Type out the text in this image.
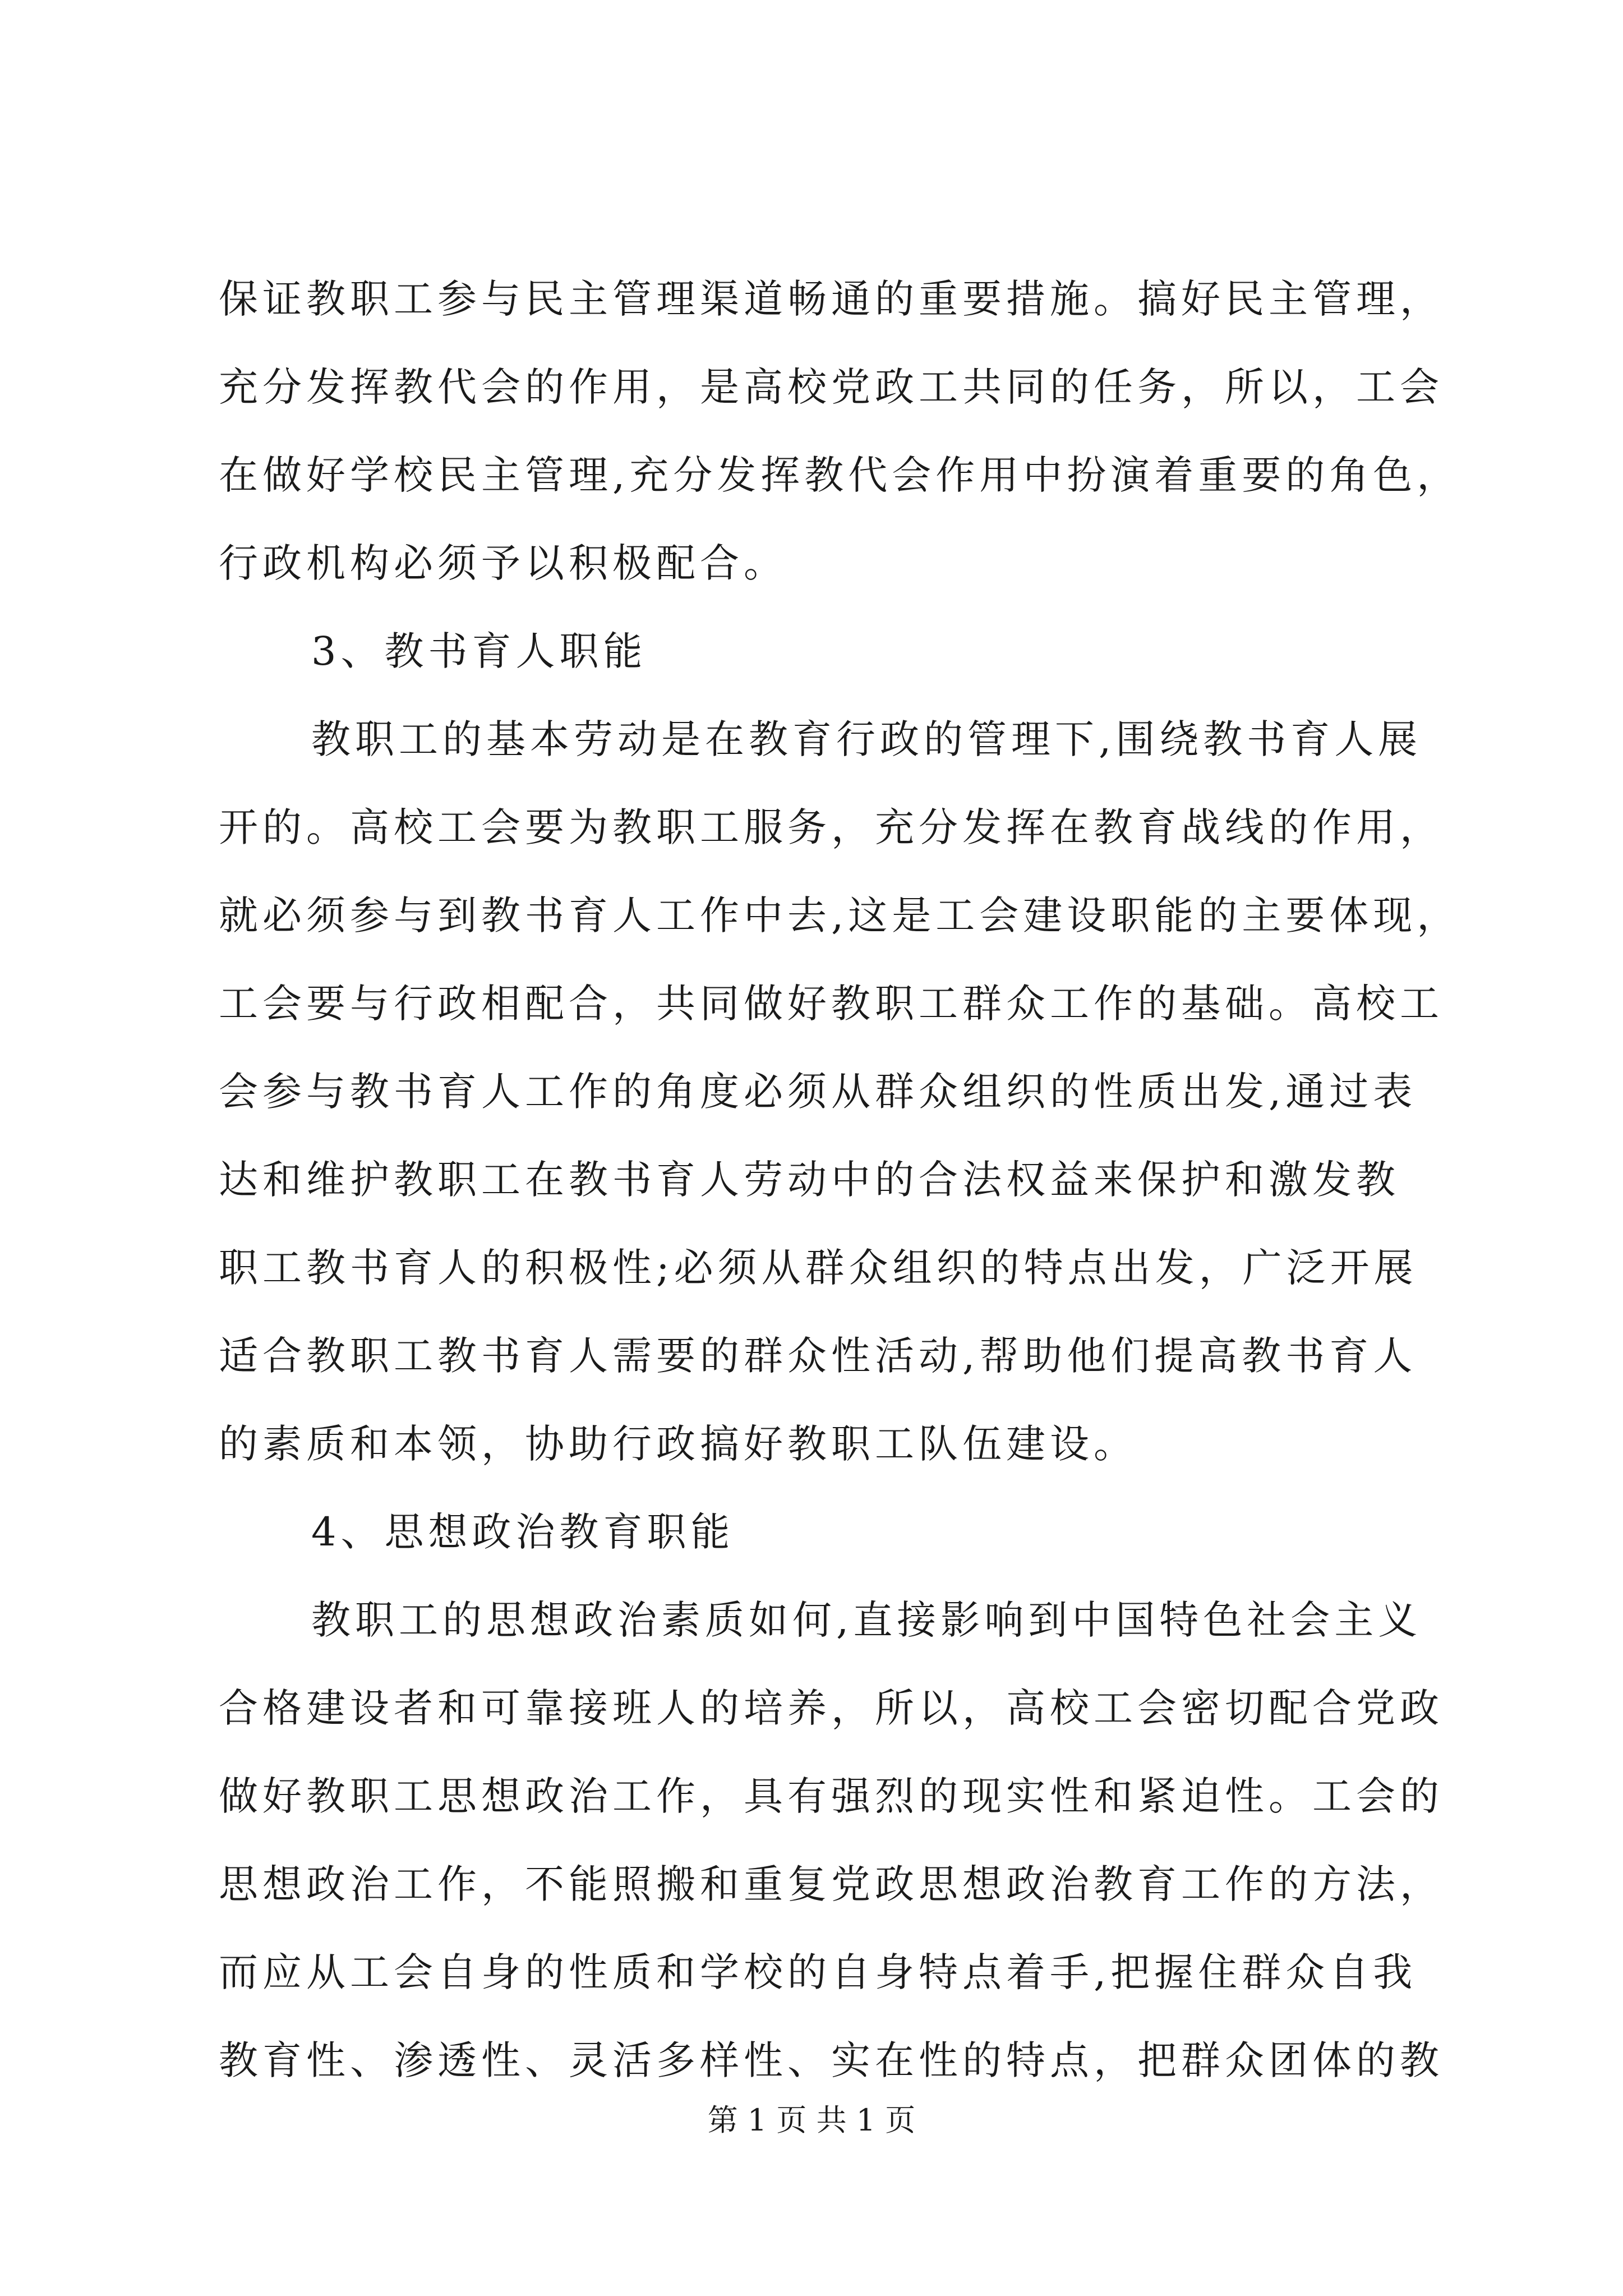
保证教职工参与民主管理渠道畅通的重要措施。搞好民主管理，
充分发挥教代会的作用，是高校党政工共同的任务，所以，工会
在做好学校民主管理,充分发挥教代会作用中扮演着重要的角色，
行政机构必须予以积极配合。
3、教书育人职能
教职工的基本劳动是在教育行政的管理下,围绕教书育人展
开的。高校工会要为教职工服务，充分发挥在教育战线的作用，
就必须参与到教书育人工作中去,这是工会建设职能的主要体现，
工会要与行政相配合，共同做好教职工群众工作的基础。高校工
会参与教书育人工作的角度必须从群众组织的性质出发,通过表
达和维护教职工在教书育人劳动中的合法权益来保护和激发教
职工教书育人的积极性;必须从群众组织的特点出发，广泛开展
适合教职工教书育人需要的群众性活动,帮助他们提高教书育人
的素质和本领，协助行政搞好教职工队伍建设。
4、思想政治教育职能
教职工的思想政治素质如何,直接影响到中国特色社会主义
合格建设者和可靠接班人的培养，所以，高校工会密切配合党政
做好教职工思想政治工作，具有强烈的现实性和紧迫性。工会的
思想政治工作，不能照搬和重复党政思想政治教育工作的方法，
而应从工会自身的性质和学校的自身特点着手,把握住群众自我
教育性、渗透性、灵活多样性、实在性的特点，把群众团体的教
第 1 页 共 1 页
